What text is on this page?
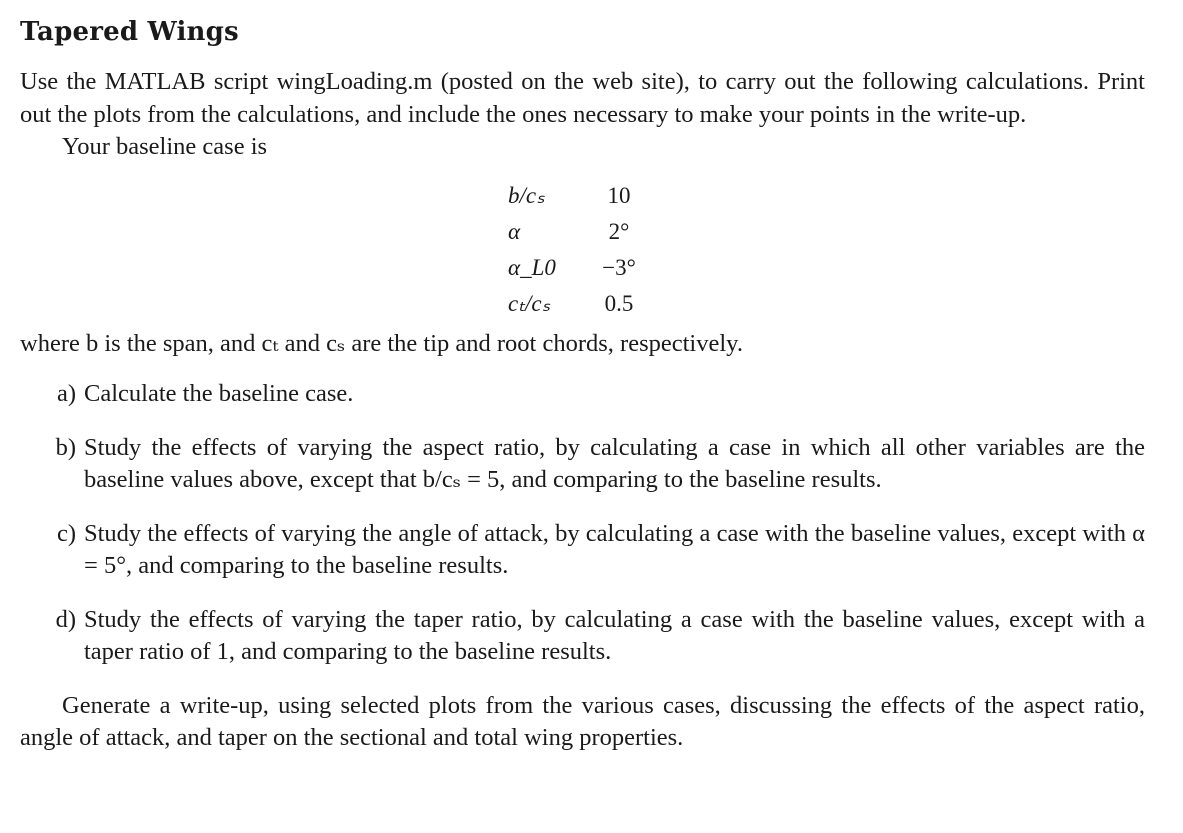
Tapered Wings

Use the MATLAB script wingLoading.m (posted on the web site), to carry out the following calculations. Print out the plots from the calculations, and include the ones necessary to make your points in the write-up.

Your baseline case is

b/cₛ	10
α	2°
α_L0	−3°
cₜ/cₛ	0.5

where b is the span, and cₜ and cₛ are the tip and root chords, respectively.

a) Calculate the baseline case.
b) Study the effects of varying the aspect ratio, by calculating a case in which all other variables are the baseline values above, except that b/cₛ = 5, and comparing to the baseline results.
c) Study the effects of varying the angle of attack, by calculating a case with the baseline values, except with α = 5°, and comparing to the baseline results.
d) Study the effects of varying the taper ratio, by calculating a case with the baseline values, except with a taper ratio of 1, and comparing to the baseline results.

Generate a write-up, using selected plots from the various cases, discussing the effects of the aspect ratio, angle of attack, and taper on the sectional and total wing properties.
